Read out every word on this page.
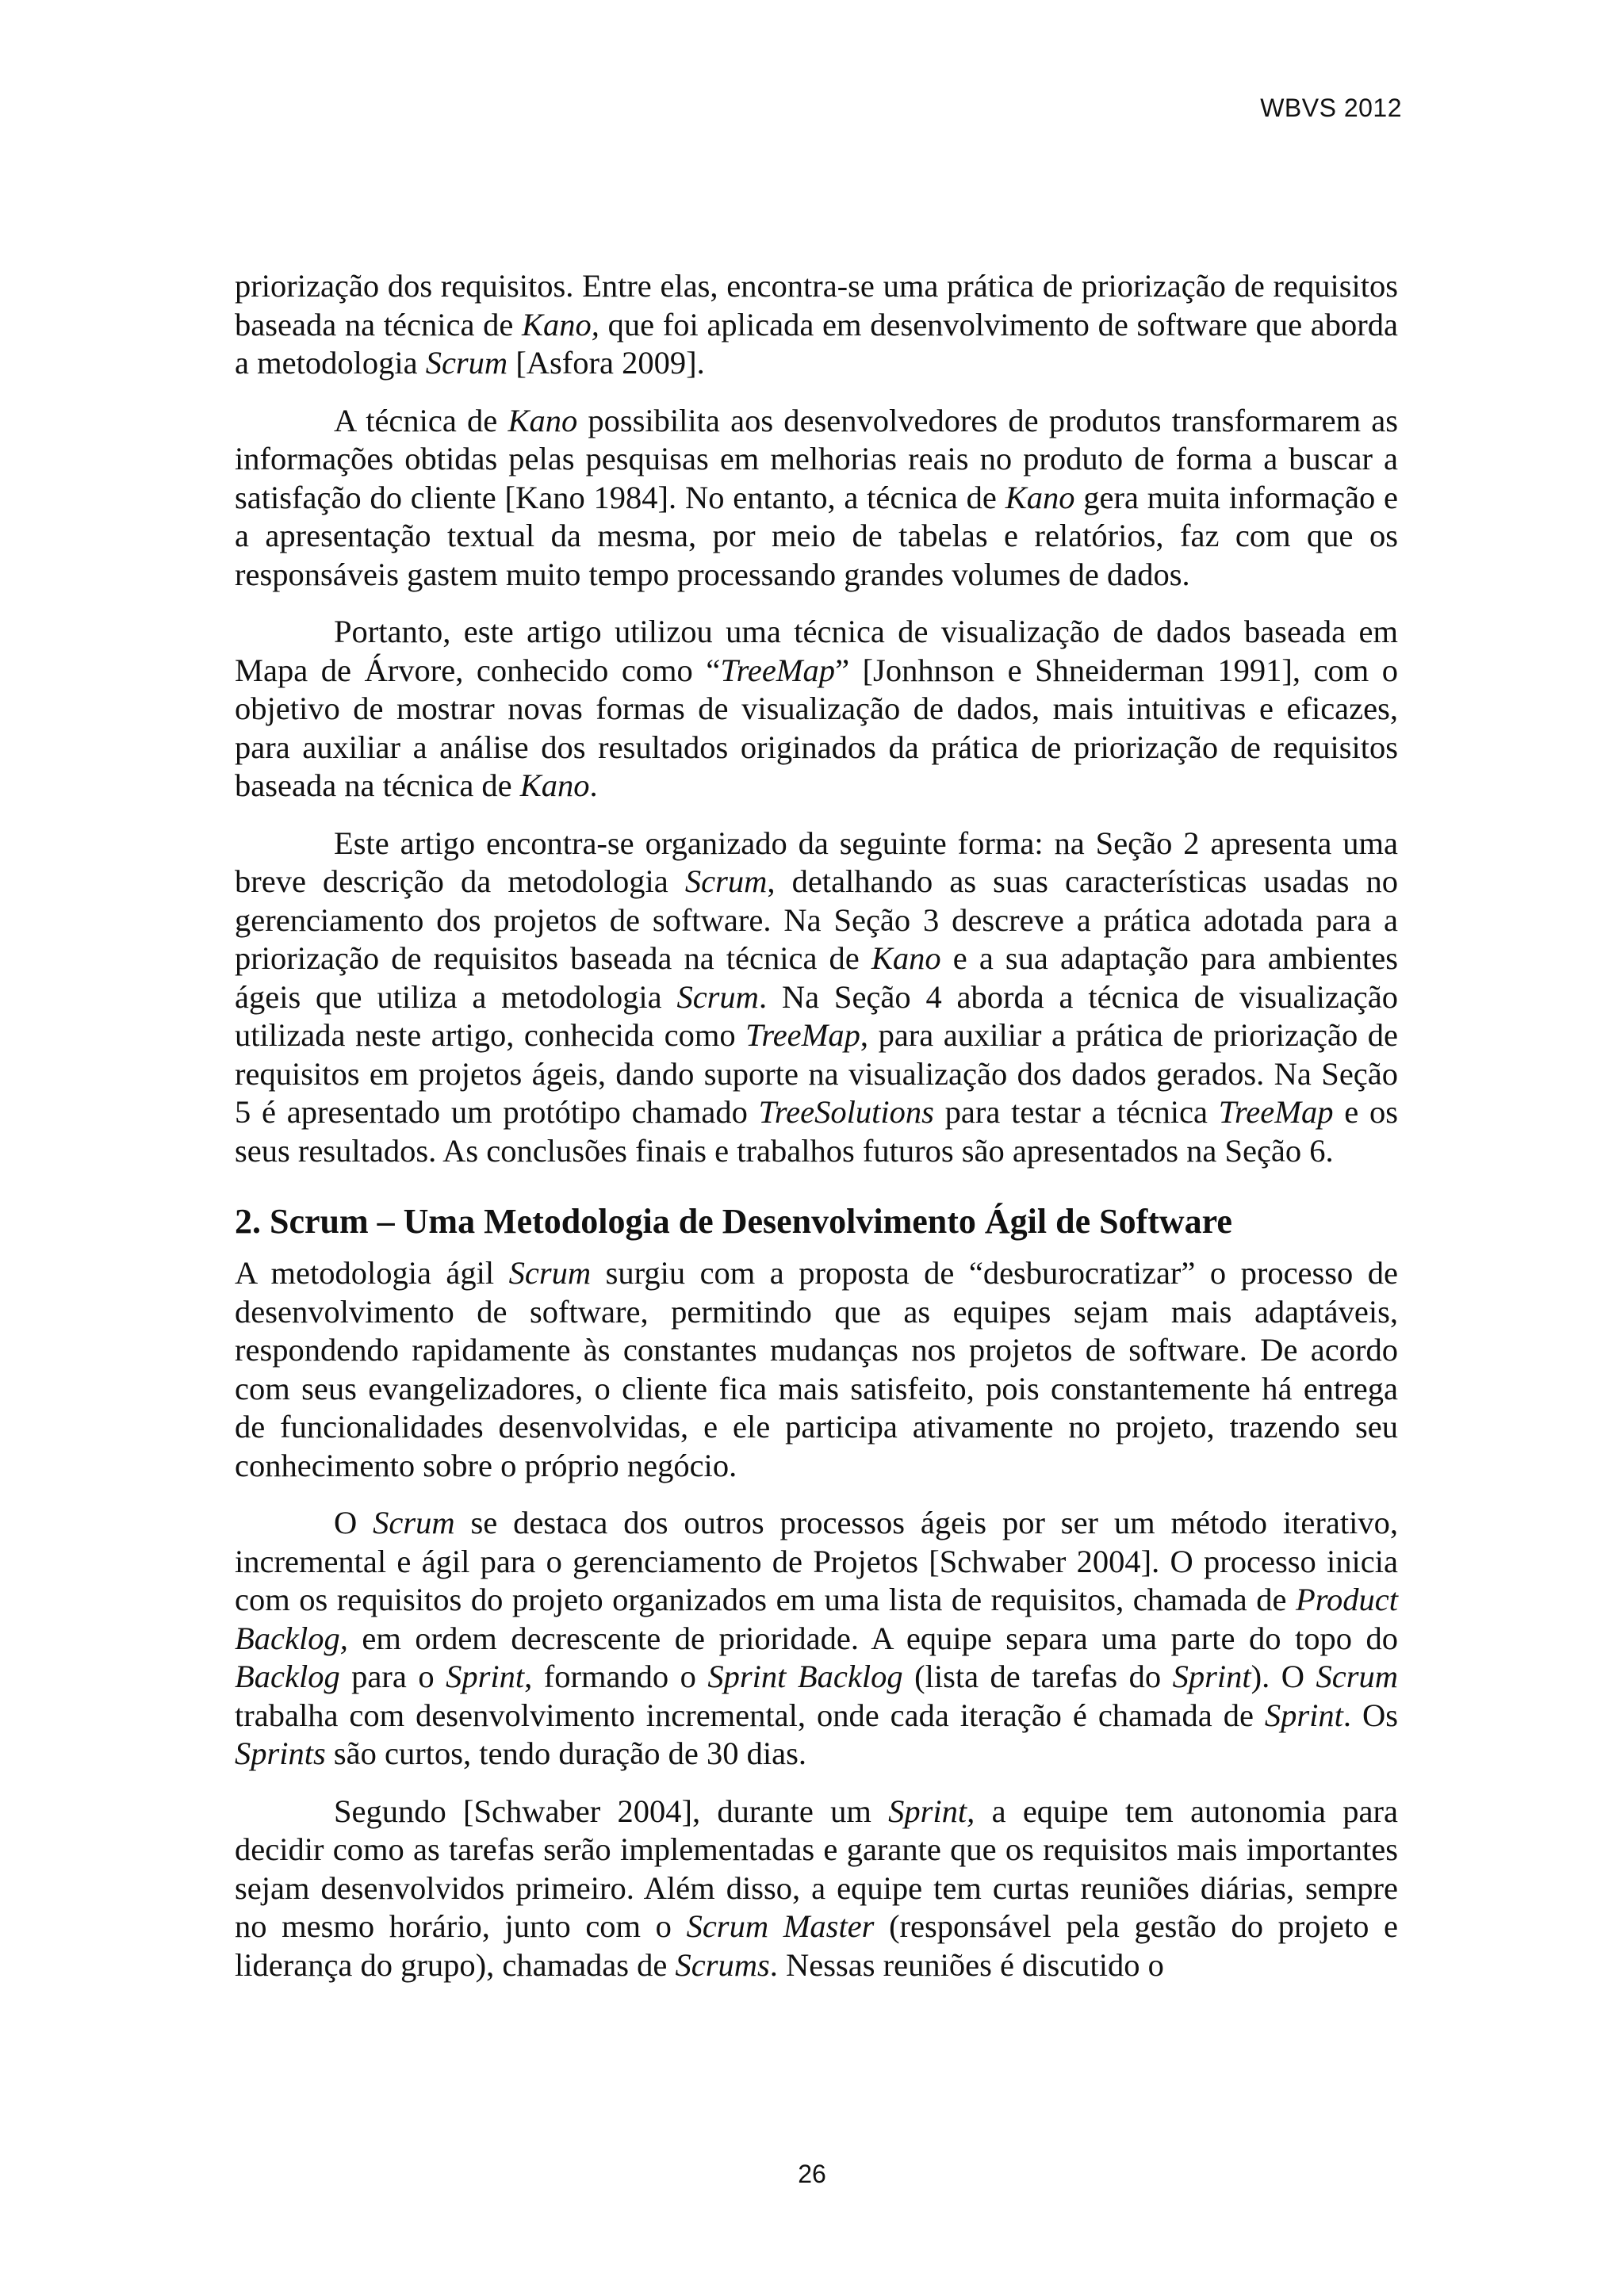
WBVS 2012

priorização dos requisitos. Entre elas, encontra-se uma prática de priorização de requisitos baseada na técnica de Kano, que foi aplicada em desenvolvimento de software que aborda a metodologia Scrum [Asfora 2009].

A técnica de Kano possibilita aos desenvolvedores de produtos transformarem as informações obtidas pelas pesquisas em melhorias reais no produto de forma a buscar a satisfação do cliente [Kano 1984]. No entanto, a técnica de Kano gera muita informação e a apresentação textual da mesma, por meio de tabelas e relatórios, faz com que os responsáveis gastem muito tempo processando grandes volumes de dados.

Portanto, este artigo utilizou uma técnica de visualização de dados baseada em Mapa de Árvore, conhecido como “TreeMap” [Jonhnson e Shneiderman 1991], com o objetivo de mostrar novas formas de visualização de dados, mais intuitivas e eficazes, para auxiliar a análise dos resultados originados da prática de priorização de requisitos baseada na técnica de Kano.

Este artigo encontra-se organizado da seguinte forma: na Seção 2 apresenta uma breve descrição da metodologia Scrum, detalhando as suas características usadas no gerenciamento dos projetos de software. Na Seção 3 descreve a prática adotada para a priorização de requisitos baseada na técnica de Kano e a sua adaptação para ambientes ágeis que utiliza a metodologia Scrum. Na Seção 4 aborda a técnica de visualização utilizada neste artigo, conhecida como TreeMap, para auxiliar a prática de priorização de requisitos em projetos ágeis, dando suporte na visualização dos dados gerados. Na Seção 5 é apresentado um protótipo chamado TreeSolutions para testar a técnica TreeMap e os seus resultados. As conclusões finais e trabalhos futuros são apresentados na Seção 6.

2. Scrum – Uma Metodologia de Desenvolvimento Ágil de Software

A metodologia ágil Scrum surgiu com a proposta de “desburocratizar” o processo de desenvolvimento de software, permitindo que as equipes sejam mais adaptáveis, respondendo rapidamente às constantes mudanças nos projetos de software. De acordo com seus evangelizadores, o cliente fica mais satisfeito, pois constantemente há entrega de funcionalidades desenvolvidas, e ele participa ativamente no projeto, trazendo seu conhecimento sobre o próprio negócio.

O Scrum se destaca dos outros processos ágeis por ser um método iterativo, incremental e ágil para o gerenciamento de Projetos [Schwaber 2004]. O processo inicia com os requisitos do projeto organizados em uma lista de requisitos, chamada de Product Backlog, em ordem decrescente de prioridade. A equipe separa uma parte do topo do Backlog para o Sprint, formando o Sprint Backlog (lista de tarefas do Sprint). O Scrum trabalha com desenvolvimento incremental, onde cada iteração é chamada de Sprint. Os Sprints são curtos, tendo duração de 30 dias.

Segundo [Schwaber 2004], durante um Sprint, a equipe tem autonomia para decidir como as tarefas serão implementadas e garante que os requisitos mais importantes sejam desenvolvidos primeiro. Além disso, a equipe tem curtas reuniões diárias, sempre no mesmo horário, junto com o Scrum Master (responsável pela gestão do projeto e liderança do grupo), chamadas de Scrums. Nessas reuniões é discutido o

26
